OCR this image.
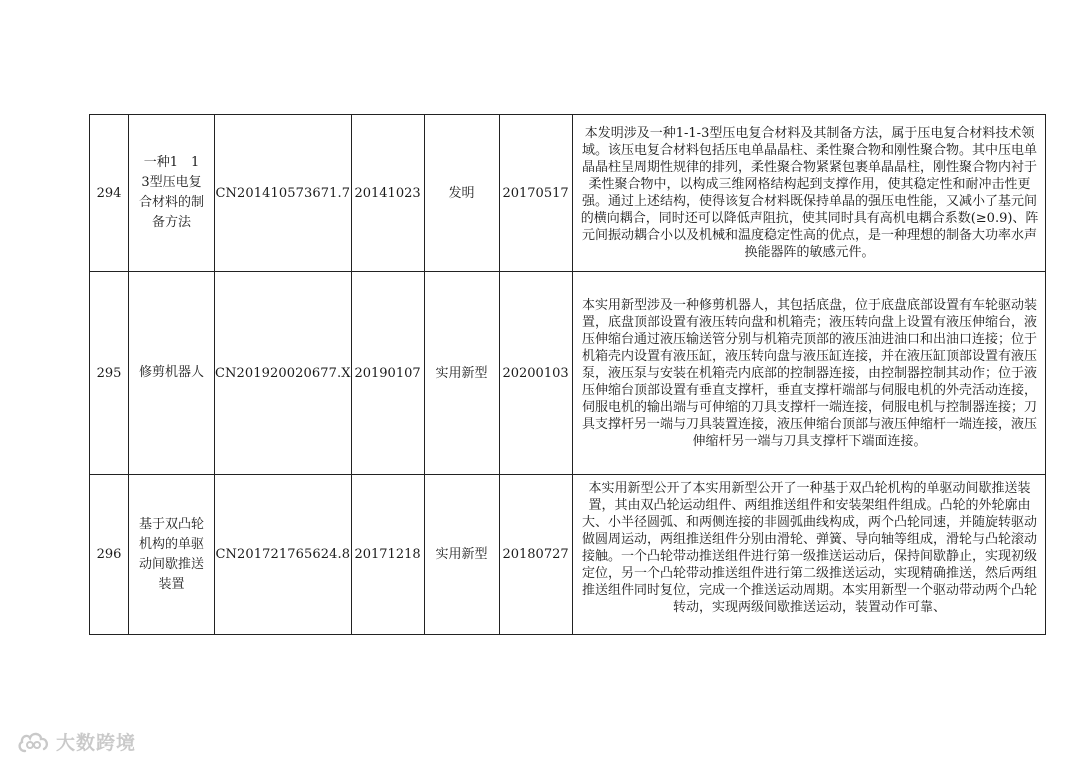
294	一种1　1　3型压电复合材料的制备方法	CN201410573671.7	20141023	发明	20170517	本发明涉及一种1-1-3型压电复合材料及其制备方法，属于压电复合材料技术领域。该压电复合材料包括压电单晶晶柱、柔性聚合物和刚性聚合物。其中压电单晶晶柱呈周期性规律的排列，柔性聚合物紧紧包裹单晶晶柱，刚性聚合物内衬于柔性聚合物中，以构成三维网格结构起到支撑作用，使其稳定性和耐冲击性更强。通过上述结构，使得该复合材料既保持单晶的强压电性能，又减小了基元间的横向耦合，同时还可以降低声阻抗，使其同时具有高机电耦合系数(≥0.9)、阵元间振动耦合小以及机械和温度稳定性高的优点，是一种理想的制备大功率水声换能器阵的敏感元件。
295	修剪机器人	CN201920020677.X	20190107	实用新型	20200103	本实用新型涉及一种修剪机器人，其包括底盘，位于底盘底部设置有车轮驱动装置，底盘顶部设置有液压转向盘和机箱壳；液压转向盘上设置有液压伸缩台，液压伸缩台通过液压输送管分别与机箱壳顶部的液压油进油口和出油口连接；位于机箱壳内设置有液压缸，液压转向盘与液压缸连接，并在液压缸顶部设置有液压泵，液压泵与安装在机箱壳内底部的控制器连接，由控制器控制其动作；位于液压伸缩台顶部设置有垂直支撑杆，垂直支撑杆端部与伺服电机的外壳活动连接，伺服电机的输出端与可伸缩的刀具支撑杆一端连接，伺服电机与控制器连接；刀具支撑杆另一端与刀具装置连接，液压伸缩台顶部与液压伸缩杆一端连接，液压伸缩杆另一端与刀具支撑杆下端面连接。
296	基于双凸轮机构的单驱动间歇推送装置	CN201721765624.8	20171218	实用新型	20180727	本实用新型公开了本实用新型公开了一种基于双凸轮机构的单驱动间歇推送装置，其由双凸轮运动组件、两组推送组件和安装架组件组成。凸轮的外轮廓由大、小半径圆弧、和两侧连接的非圆弧曲线构成，两个凸轮同速，并随旋转驱动做圆周运动，两组推送组件分别由滑轮、弹簧、导向轴等组成，滑轮与凸轮滚动接触。一个凸轮带动推送组件进行第一级推送运动后，保持间歇静止，实现初级定位，另一个凸轮带动推送组件进行第二级推送运动，实现精确推送，然后两组推送组件同时复位，完成一个推送运动周期。本实用新型一个驱动带动两个凸轮转动，实现两级间歇推送运动，装置动作可靠、
大数跨境
